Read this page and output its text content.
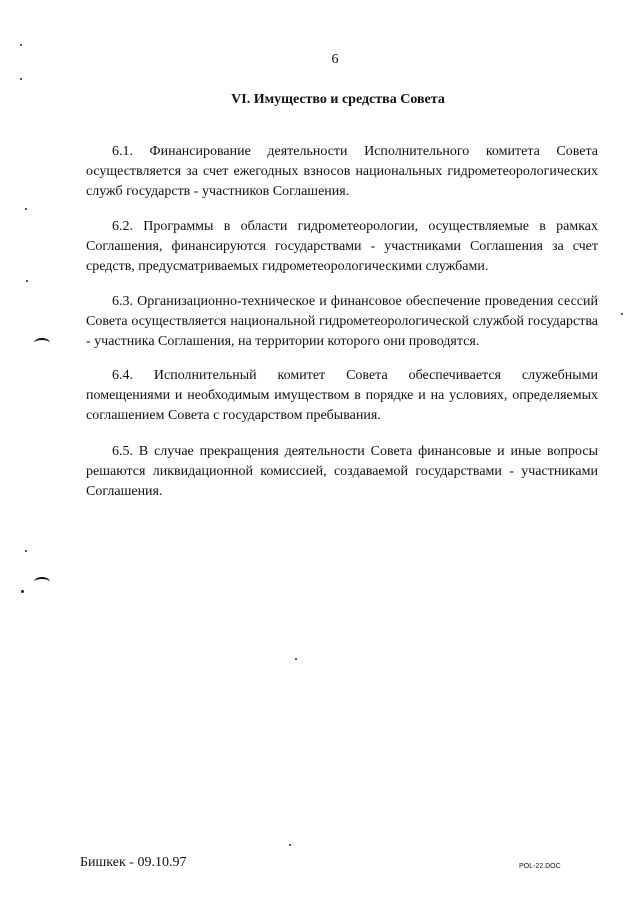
6
VI. Имущество и средства Совета

6.1. Финансирование деятельности Исполнительного комитета Совета осуществляется за счет ежегодных взносов национальных гидрометеорологических служб государств - участников Соглашения.

6.2. Программы в области гидрометеорологии, осуществляемые в рамках Соглашения, финансируются государствами - участниками Соглашения за счет средств, предусматриваемых гидрометеорологическими службами.

6.3. Организационно-техническое и финансовое обеспечение проведения сессий Совета осуществляется национальной гидрометеорологической службой государства - участника Соглашения, на территории которого они проводятся.

6.4. Исполнительный комитет Совета обеспечивается служебными помещениями и необходимым имуществом в порядке и на условиях, определяемых соглашением Совета с государством пребывания.

6.5. В случае прекращения деятельности Совета финансовые и иные вопросы решаются ликвидационной комиссией, создаваемой государствами - участниками Соглашения.

Бишкек - 09.10.97	POL-22.DOC
